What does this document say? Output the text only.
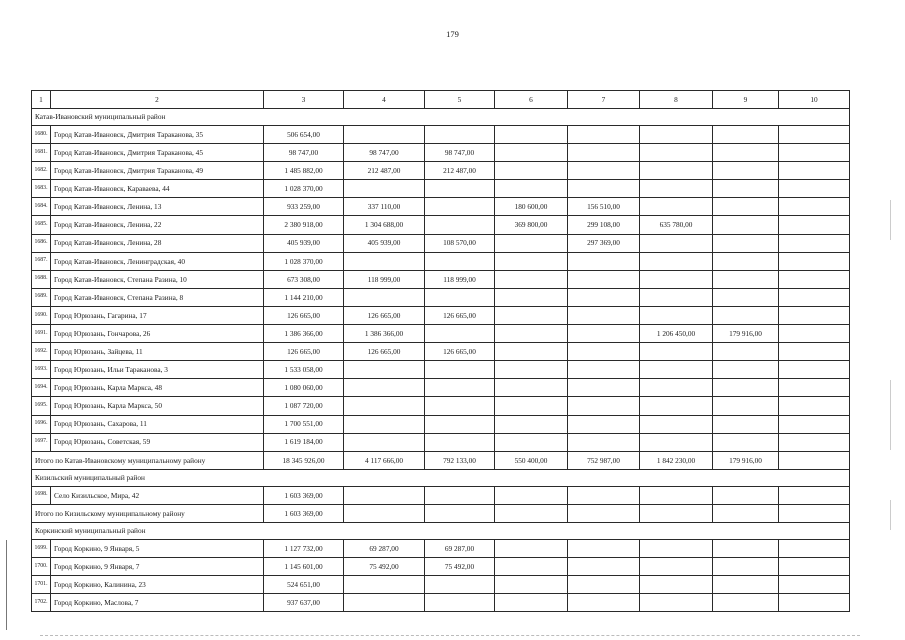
179
1	2	3	4	5	6	7	8	9	10
Катав-Ивановский муниципальный район									
1680.	Город Катав-Ивановск, Дмитрия Тараканова, 35	506 654,00							
1681.	Город Катав-Ивановск, Дмитрия Тараканова, 45	98 747,00	98 747,00	98 747,00					
1682.	Город Катав-Ивановск, Дмитрия Тараканова, 49	1 485 882,00	212 487,00	212 487,00					
1683.	Город Катав-Ивановск, Караваева, 44	1 028 370,00							
1684.	Город Катав-Ивановск, Ленина, 13	933 259,00	337 110,00		180 600,00	156 510,00			
1685.	Город Катав-Ивановск, Ленина, 22	2 380 918,00	1 304 688,00		369 800,00	299 108,00	635 780,00		
1686.	Город Катав-Ивановск, Ленина, 28	405 939,00	405 939,00	108 570,00		297 369,00			
1687.	Город Катав-Ивановск, Ленинградская, 40	1 028 370,00							
1688.	Город Катав-Ивановск, Степана Разина, 10	673 308,00	118 999,00	118 999,00					
1689.	Город Катав-Ивановск, Степана Разина, 8	1 144 210,00							
1690.	Город Юрюзань, Гагарина, 17	126 665,00	126 665,00	126 665,00					
1691.	Город Юрюзань, Гончарова, 26	1 386 366,00	1 386 366,00				1 206 450,00	179 916,00	
1692.	Город Юрюзань, Зайцева, 11	126 665,00	126 665,00	126 665,00					
1693.	Город Юрюзань, Ильи Тараканова, 3	1 533 058,00							
1694.	Город Юрюзань, Карла Маркса, 48	1 080 060,00							
1695.	Город Юрюзань, Карла Маркса, 50	1 087 720,00							
1696.	Город Юрюзань, Сахарова, 11	1 700 551,00							
1697.	Город Юрюзань, Советская, 59	1 619 184,00							
Итого по Катав-Ивановскому муниципальному району		18 345 926,00	4 117 666,00	792 133,00	550 400,00	752 987,00	1 842 230,00	179 916,00	
Кизильский муниципальный район									
1698.	Село Кизильское, Мира, 42	1 603 369,00							
Итого по Кизильскому муниципальному району		1 603 369,00							
Коркинский муниципальный район									
1699.	Город Коркино, 9 Января, 5	1 127 732,00	69 287,00	69 287,00					
1700.	Город Коркино, 9 Января, 7	1 145 601,00	75 492,00	75 492,00					
1701.	Город Коркино, Калинина, 23	524 651,00							
1702.	Город Коркино, Маслова, 7	937 637,00							
